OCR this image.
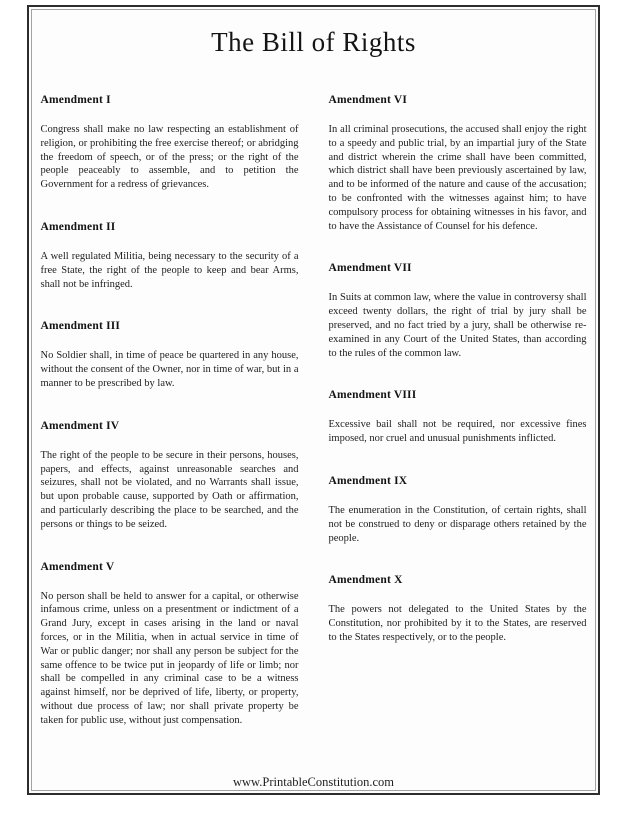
The Bill of Rights
Amendment I

Congress shall make no law respecting an establishment of religion, or prohibiting the free exercise thereof; or abridging the freedom of speech, or of the press; or the right of the people peaceably to assemble, and to petition the Government for a redress of grievances.

Amendment II

A well regulated Militia, being necessary to the security of a free State, the right of the people to keep and bear Arms, shall not be infringed.

Amendment III

No Soldier shall, in time of peace be quartered in any house, without the consent of the Owner, nor in time of war, but in a manner to be prescribed by law.

Amendment IV

The right of the people to be secure in their persons, houses, papers, and effects, against unreasonable searches and seizures, shall not be violated, and no Warrants shall issue, but upon probable cause, supported by Oath or affirmation, and particularly describing the place to be searched, and the persons or things to be seized.

Amendment V

No person shall be held to answer for a capital, or otherwise infamous crime, unless on a presentment or indictment of a Grand Jury, except in cases arising in the land or naval forces, or in the Militia, when in actual service in time of War or public danger; nor shall any person be subject for the same offence to be twice put in jeopardy of life or limb; nor shall be compelled in any criminal case to be a witness against himself, nor be deprived of life, liberty, or property, without due process of law; nor shall private property be taken for public use, without just compensation.

Amendment VI

In all criminal prosecutions, the accused shall enjoy the right to a speedy and public trial, by an impartial jury of the State and district wherein the crime shall have been committed, which district shall have been previously ascertained by law, and to be informed of the nature and cause of the accusation; to be confronted with the witnesses against him; to have compulsory process for obtaining witnesses in his favor, and to have the Assistance of Counsel for his defence.

Amendment VII

In Suits at common law, where the value in controversy shall exceed twenty dollars, the right of trial by jury shall be preserved, and no fact tried by a jury, shall be otherwise re-examined in any Court of the United States, than according to the rules of the common law.

Amendment VIII

Excessive bail shall not be required, nor excessive fines imposed, nor cruel and unusual punishments inflicted.

Amendment IX

The enumeration in the Constitution, of certain rights, shall not be construed to deny or disparage others retained by the people.

Amendment X

The powers not delegated to the United States by the Constitution, nor prohibited by it to the States, are reserved to the States respectively, or to the people.

www.PrintableConstitution.com
